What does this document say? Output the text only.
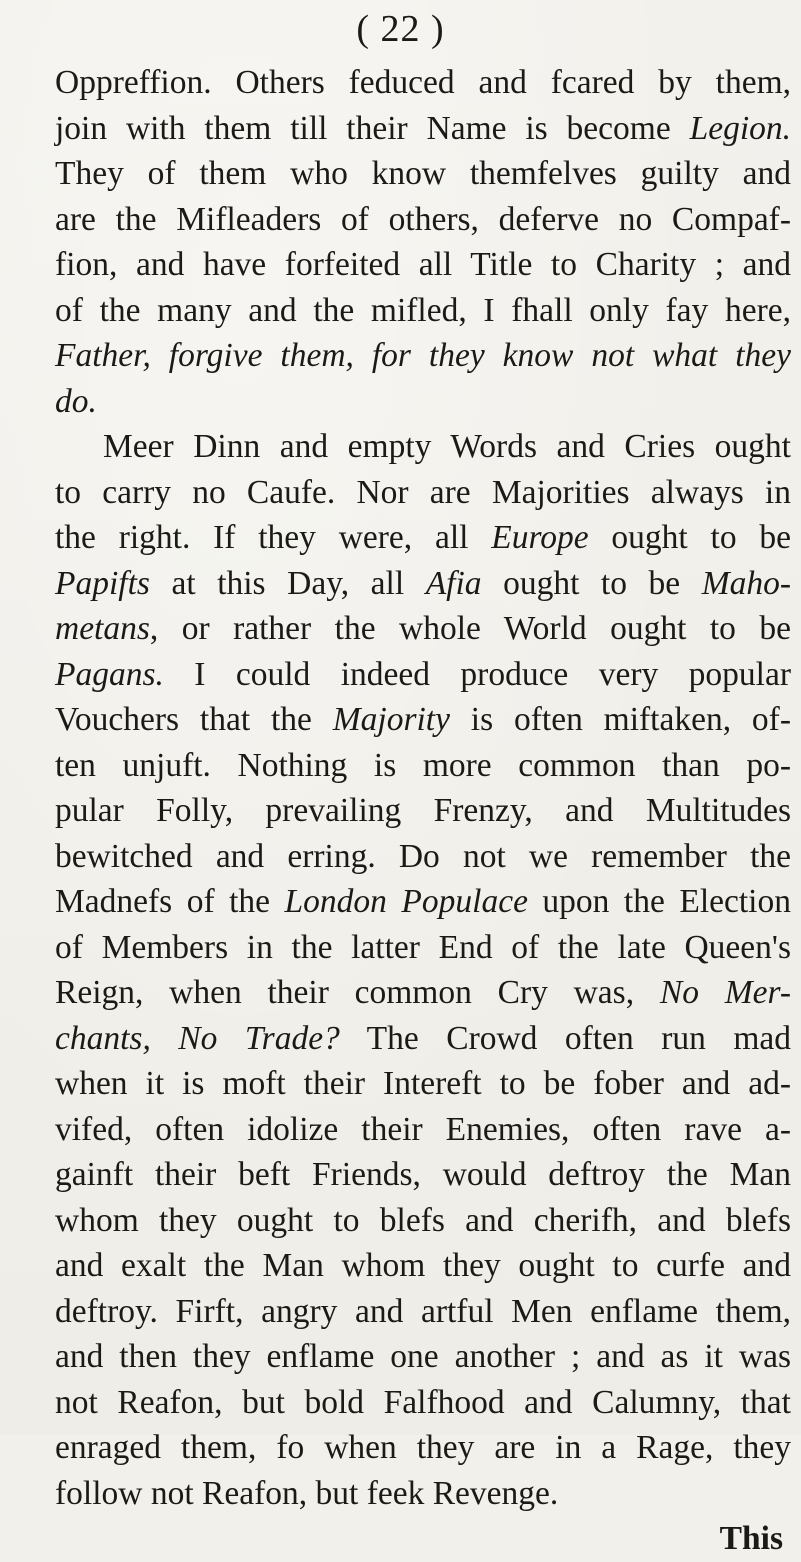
( 22 )
Oppreffion. Others feduced and fcared by them,
join with them till their Name is become Legion.
They of them who know themfelves guilty and
are the Mifleaders of others, deferve no Compaf-
fion, and have forfeited all Title to Charity ; and
of the many and the mifled, I fhall only fay here,
Father, forgive them, for they know not what they
do.
Meer Dinn and empty Words and Cries ought
to carry no Caufe. Nor are Majorities always in
the right. If they were, all Europe ought to be
Papifts at this Day, all Afia ought to be Maho-
metans, or rather the whole World ought to be
Pagans. I could indeed produce very popular
Vouchers that the Majority is often miftaken, of-
ten unjuft. Nothing is more common than po-
pular Folly, prevailing Frenzy, and Multitudes
bewitched and erring. Do not we remember the
Madnefs of the London Populace upon the Election
of Members in the latter End of the late Queen's
Reign, when their common Cry was, No Mer-
chants, No Trade? The Crowd often run mad
when it is moft their Intereft to be fober and ad-
vifed, often idolize their Enemies, often rave a-
gainft their beft Friends, would deftroy the Man
whom they ought to blefs and cherifh, and blefs
and exalt the Man whom they ought to curfe and
deftroy. Firft, angry and artful Men enflame them,
and then they enflame one another ; and as it was
not Reafon, but bold Falfhood and Calumny, that
enraged them, fo when they are in a Rage, they
follow not Reafon, but feek Revenge.
This
